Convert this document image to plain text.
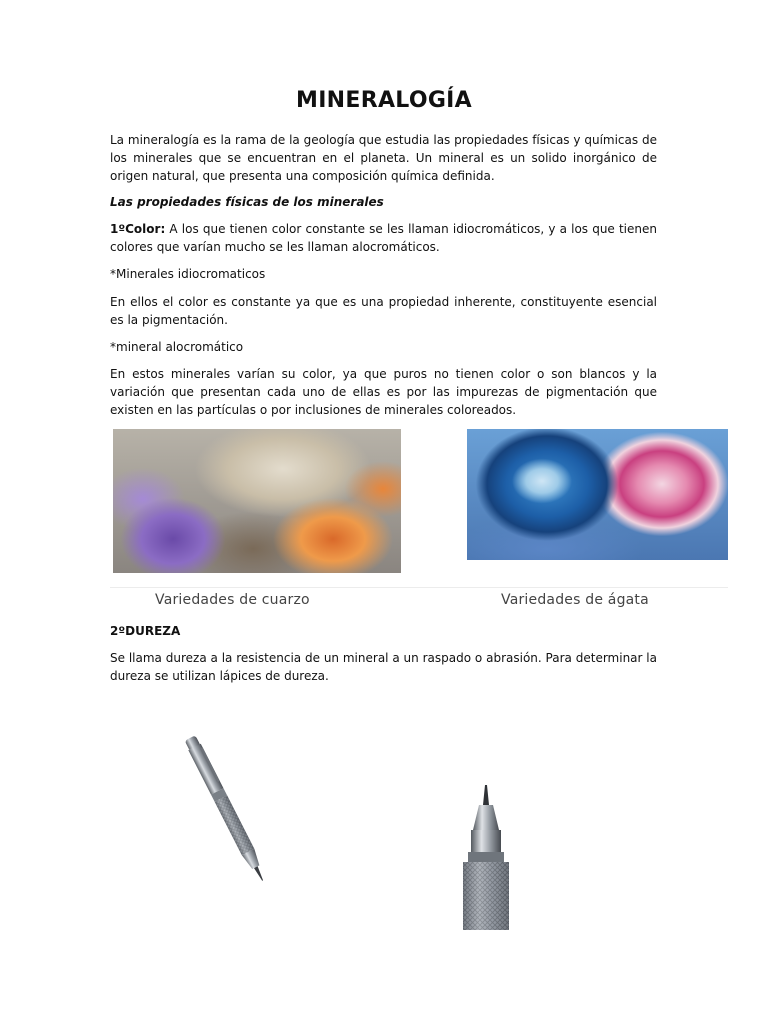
MINERALOGÍA
La mineralogía es la rama de la geología que estudia las propiedades físicas y químicas de los minerales que se encuentran en el planeta. Un mineral es un solido inorgánico de origen natural, que presenta una composición química definida.
Las propiedades físicas de los minerales
1ºColor: A los que tienen color constante se les llaman idiocromáticos, y a los que tienen colores que varían mucho se les llaman alocromáticos.
*Minerales idiocromaticos
En ellos el color es constante ya que es una propiedad inherente, constituyente esencial es la pigmentación.
*mineral alocromático
En estos minerales varían su color, ya que puros no tienen color o son blancos y la variación que presentan cada uno de ellas es por las impurezas de pigmentación que existen en las partículas o por inclusiones de minerales coloreados.
Variedades de cuarzo	Variedades de ágata
2ºDUREZA
Se llama dureza a la resistencia de un mineral a un raspado o abrasión. Para determinar la dureza se utilizan lápices de dureza.
